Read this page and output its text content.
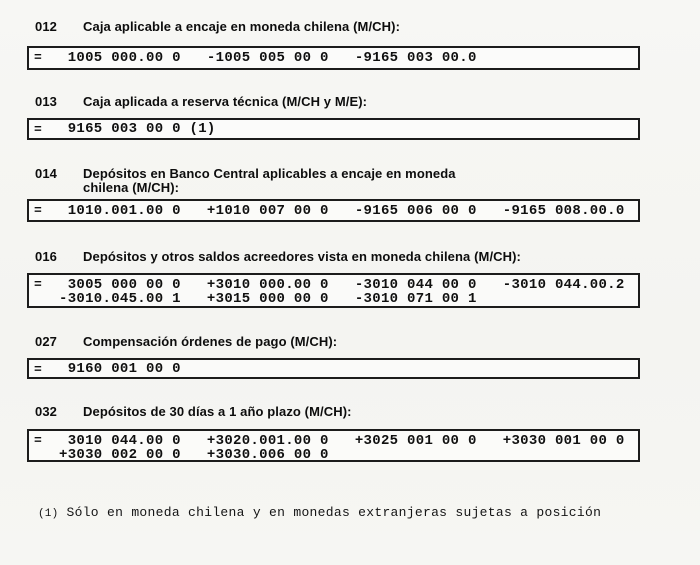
012 Caja aplicable a encaje en moneda chilena (M/CH):
= 1005 000.00 0   -1005 005 00 0   -9165 003 00.0
013 Caja aplicada a reserva técnica (M/CH y M/E):
= 9165 003 00 0 (1)
014 Depósitos en Banco Central aplicables a encaje en moneda
chilena (M/CH):
= 1010.001.00 0   +1010 007 00 0   -9165 006 00 0   -9165 008.00.0
016 Depósitos y otros saldos acreedores vista en moneda chilena (M/CH):
= 3005 000 00 0   +3010 000.00 0   -3010 044 00 0   -3010 044.00.2
-3010.045.00 1   +3015 000 00 0   -3010 071 00 1
027 Compensación órdenes de pago (M/CH):
= 9160 001 00 0
032 Depósitos de 30 días a 1 año plazo (M/CH):
= 3010 044.00 0   +3020.001.00 0   +3025 001 00 0   +3030 001 00 0
+3030 002 00 0   +3030.006 00 0
(1) Sólo en moneda chilena y en monedas extranjeras sujetas a posición
